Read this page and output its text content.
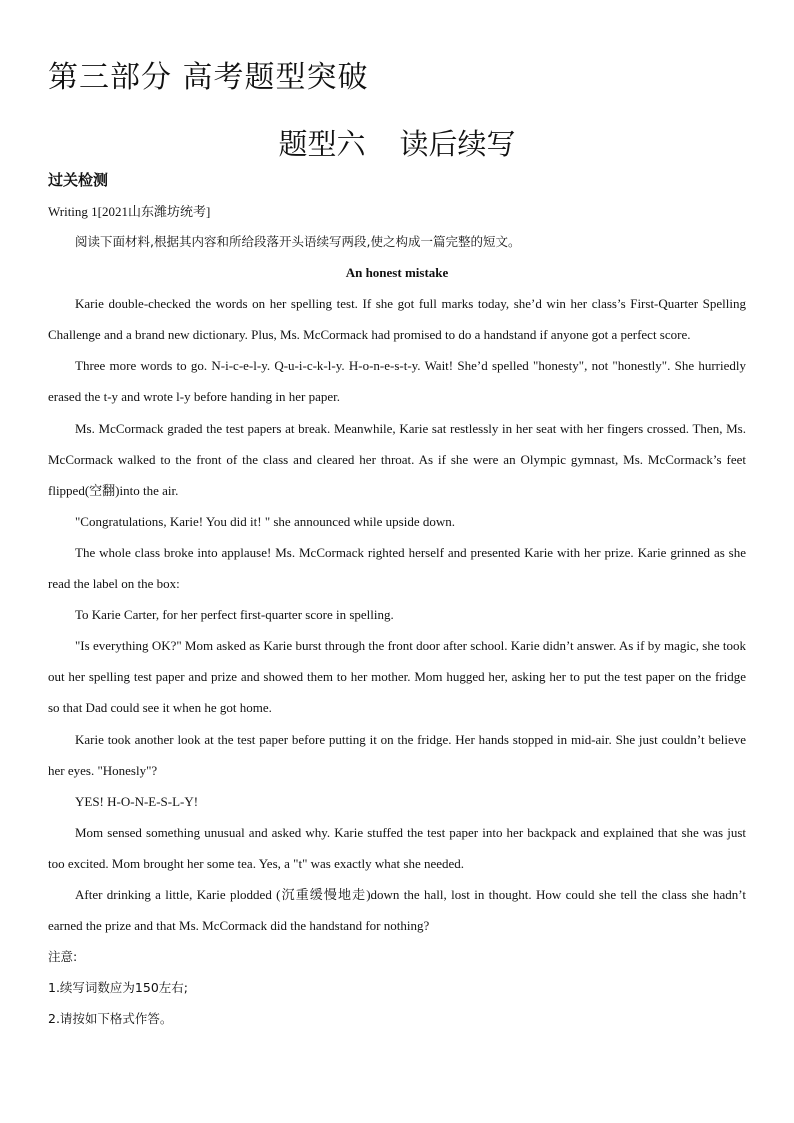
第三部分 高考题型突破
题型六 读后续写
过关检测
Writing 1[2021山东潍坊统考]

阅读下面材料,根据其内容和所给段落开头语续写两段,使之构成一篇完整的短文。

An honest mistake

Karie double-checked the words on her spelling test. If she got full marks today, she’d win her class’s First-Quarter Spelling Challenge and a brand new dictionary. Plus, Ms. McCormack had promised to do a handstand if anyone got a perfect score.

Three more words to go. N-i-c-e-l-y. Q-u-i-c-k-l-y. H-o-n-e-s-t-y. Wait! She’d spelled "honesty", not "honestly". She hurriedly erased the t-y and wrote l-y before handing in her paper.

Ms. McCormack graded the test papers at break. Meanwhile, Karie sat restlessly in her seat with her fingers crossed. Then, Ms. McCormack walked to the front of the class and cleared her throat. As if she were an Olympic gymnast, Ms. McCormack’s feet flipped(空翻)into the air.

"Congratulations, Karie! You did it! " she announced while upside down.

The whole class broke into applause! Ms. McCormack righted herself and presented Karie with her prize. Karie grinned as she read the label on the box:

To Karie Carter, for her perfect first-quarter score in spelling.

"Is everything OK?" Mom asked as Karie burst through the front door after school. Karie didn’t answer. As if by magic, she took out her spelling test paper and prize and showed them to her mother. Mom hugged her, asking her to put the test paper on the fridge so that Dad could see it when he got home.

Karie took another look at the test paper before putting it on the fridge. Her hands stopped in mid-air. She just couldn’t believe her eyes. "Honesly"?

YES! H-O-N-E-S-L-Y!

Mom sensed something unusual and asked why. Karie stuffed the test paper into her backpack and explained that she was just too excited. Mom brought her some tea. Yes, a "t" was exactly what she needed.

After drinking a little, Karie plodded (沉重缓慢地走)down the hall, lost in thought. How could she tell the class she hadn’t earned the prize and that Ms. McCormack did the handstand for nothing?

注意:

1.续写词数应为150左右;

2.请按如下格式作答。
